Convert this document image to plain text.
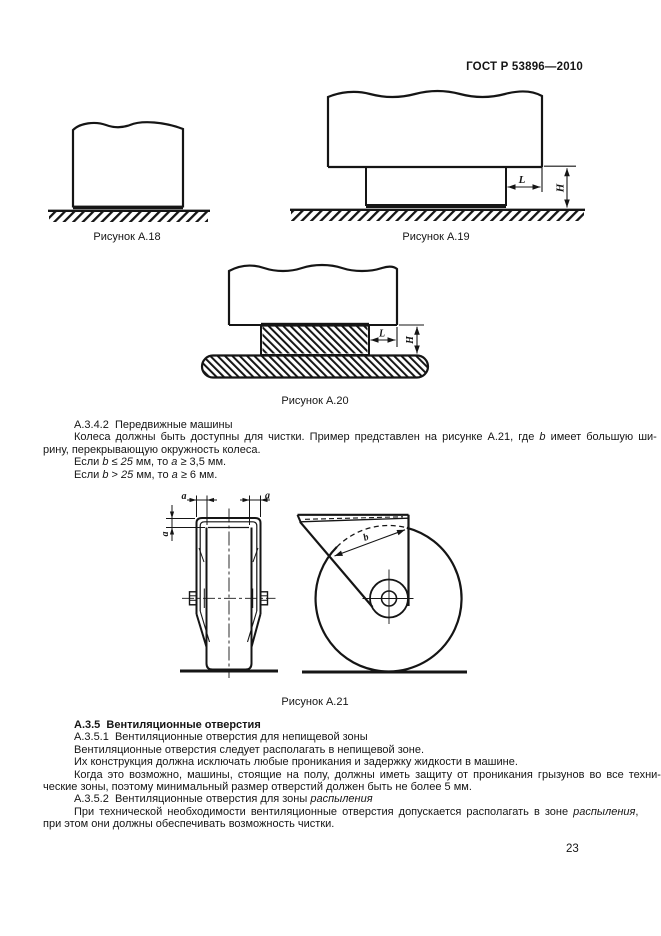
ГОСТ Р 53896—2010
Рисунок А.18
L
H
Рисунок А.19
L
H
Рисунок А.20
А.3.4.2  Передвижные машины
Колеса должны быть доступны для чистки. Пример представлен на рисунке А.21, где b имеет большую ши-
рину, перекрывающую окружность колеса.
Если b ≤ 25 мм, то a ≥ 3,5 мм.
Если b > 25 мм, то a ≥ 6 мм.
a	a
a	b
Рисунок А.21
А.3.5  Вентиляционные отверстия
А.3.5.1  Вентиляционные отверстия для непищевой зоны
Вентиляционные отверстия следует располагать в непищевой зоне.
Их конструкция должна исключать любые проникания и задержку жидкости в машине.
Когда это возможно, машины, стоящие на полу, должны иметь защиту от проникания грызунов во все техни-
ческие зоны, поэтому минимальный размер отверстий должен быть не более 5 мм.
А.3.5.2  Вентиляционные отверстия для зоны распыления
При технической необходимости вентиляционные отверстия допускается располагать в зоне распыления,
при этом они должны обеспечивать возможность чистки.
23
